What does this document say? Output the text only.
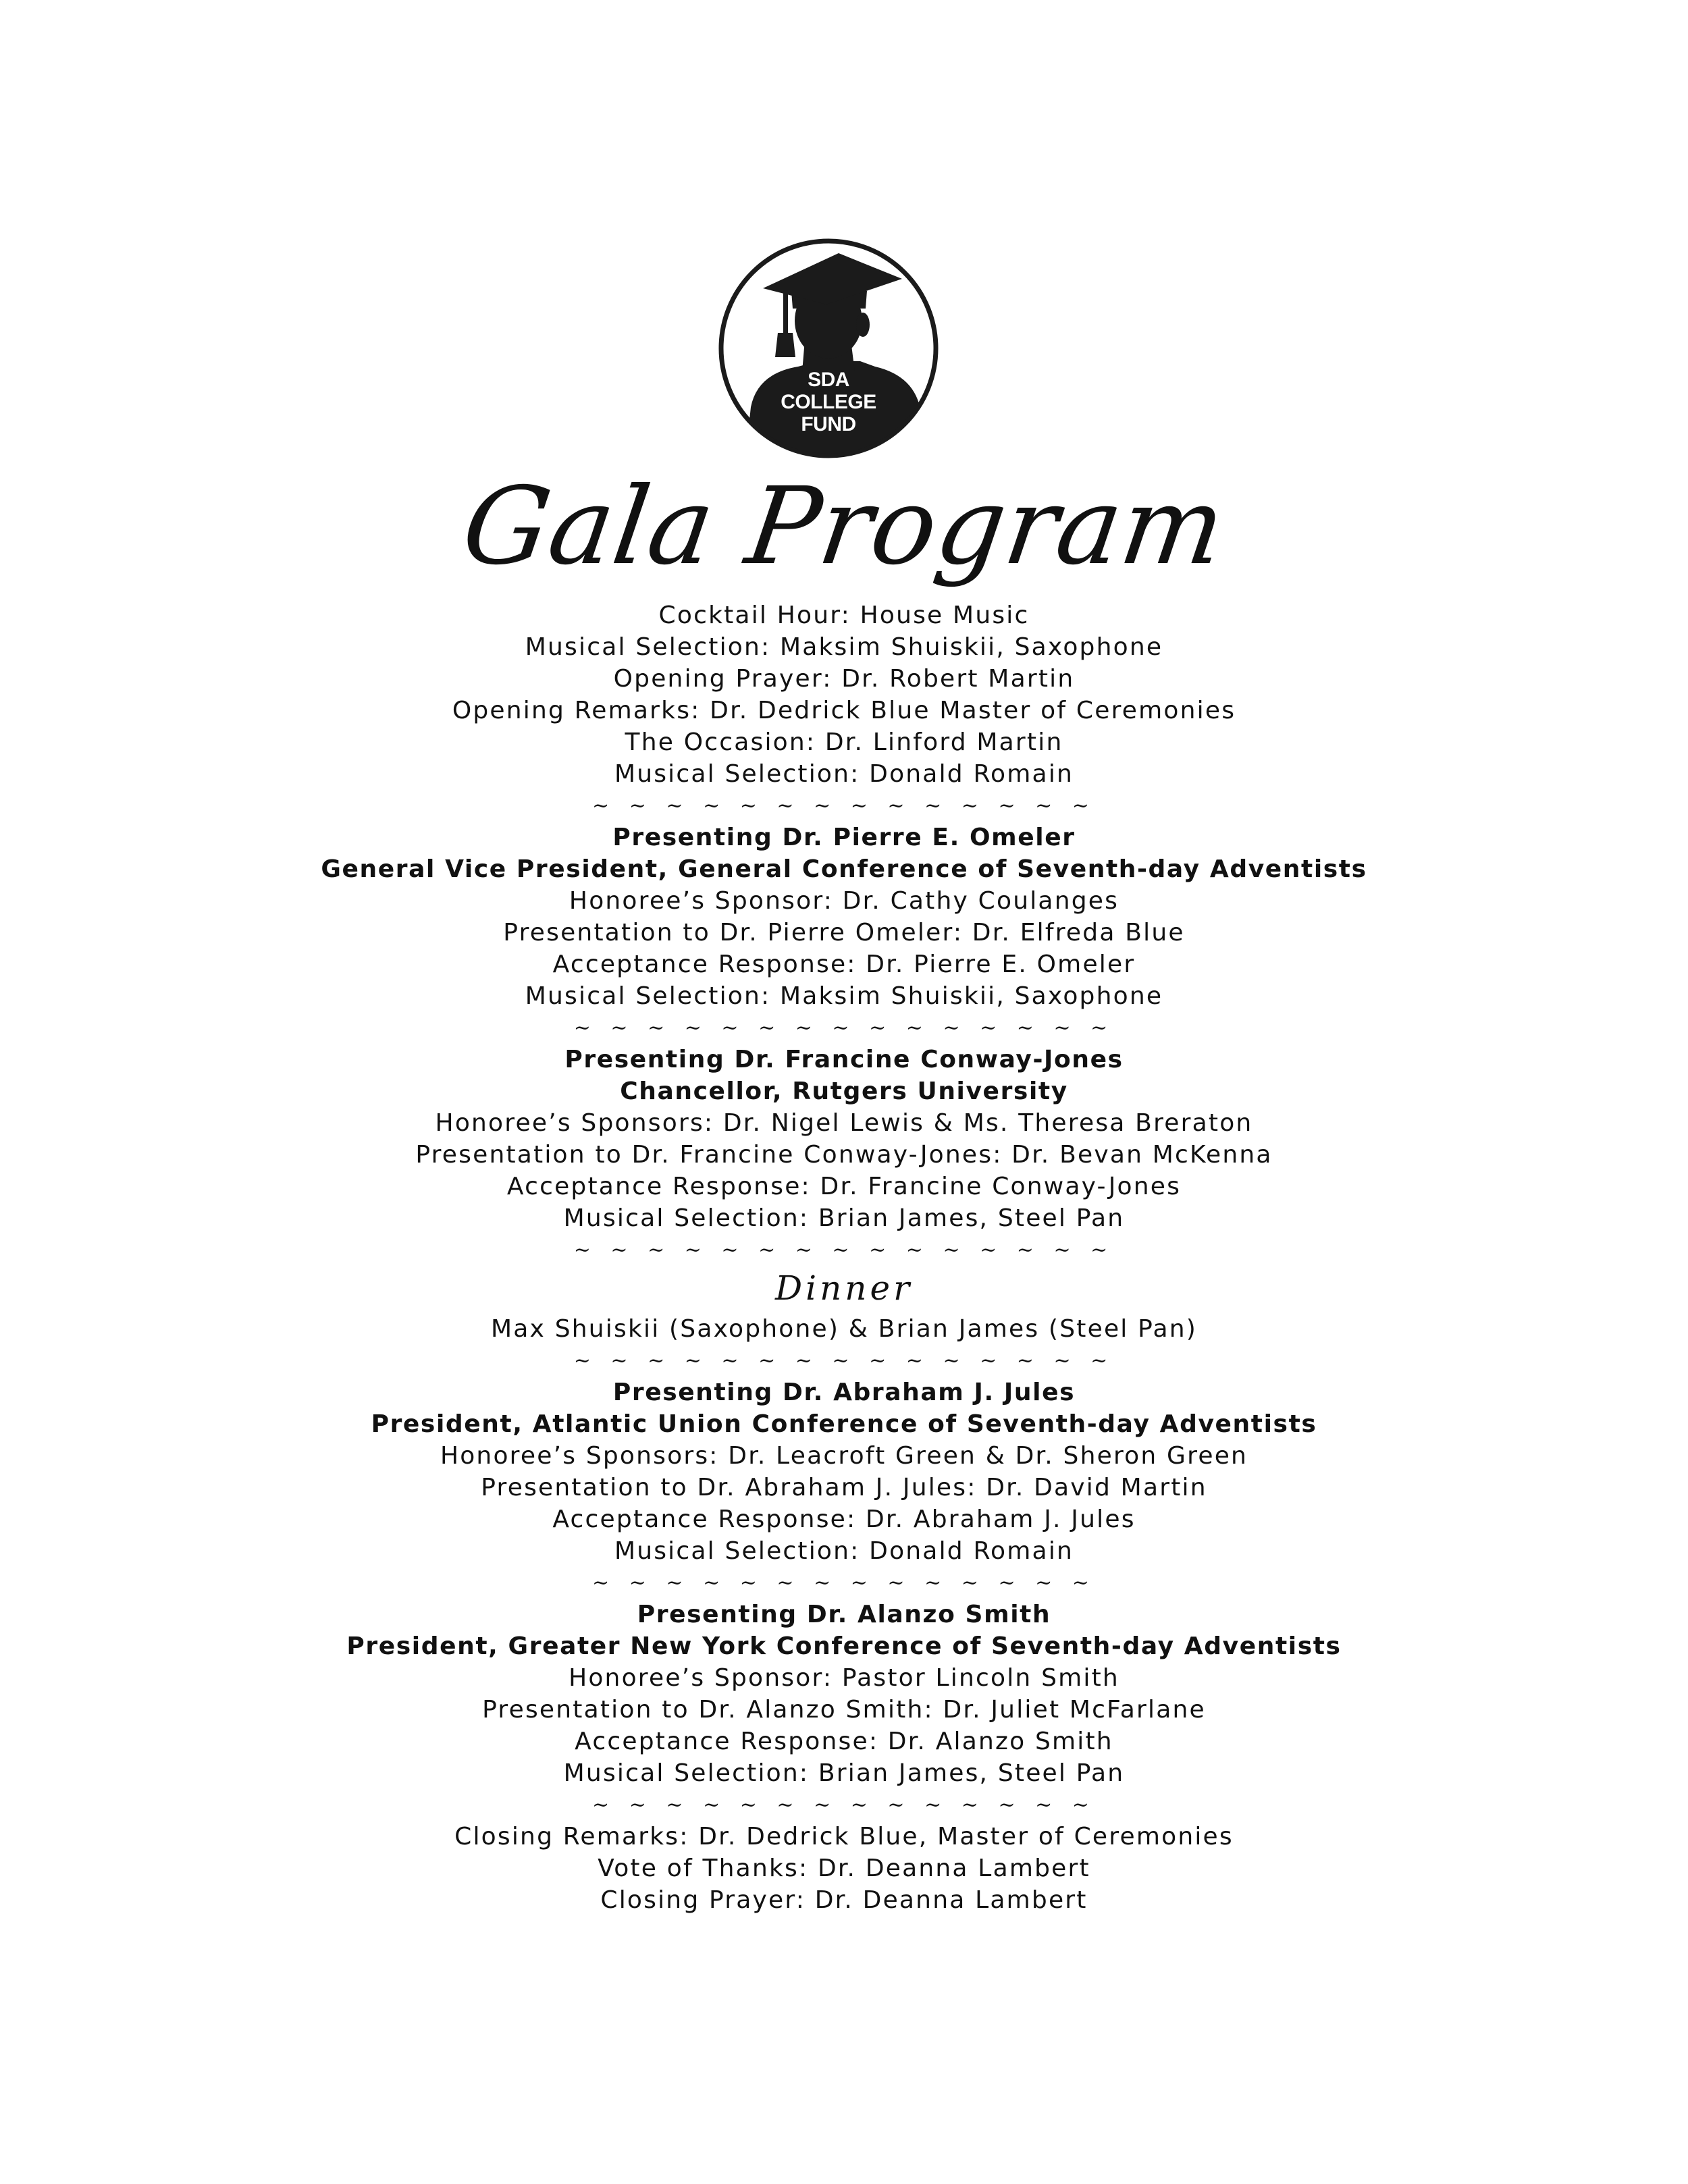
SDA
COLLEGE
FUND
Gala Program
Cocktail Hour: House Music
Musical Selection: Maksim Shuiskii, Saxophone
Opening Prayer: Dr. Robert Martin
Opening Remarks: Dr. Dedrick Blue Master of Ceremonies
The Occasion: Dr. Linford Martin
Musical Selection: Donald Romain
~ ~ ~ ~ ~ ~ ~ ~ ~ ~ ~ ~ ~ ~
Presenting Dr. Pierre E. Omeler
General Vice President, General Conference of Seventh-day Adventists
Honoree’s Sponsor: Dr. Cathy Coulanges
Presentation to Dr. Pierre Omeler: Dr. Elfreda Blue
Acceptance Response: Dr. Pierre E. Omeler
Musical Selection: Maksim Shuiskii, Saxophone
~ ~ ~ ~ ~ ~ ~ ~ ~ ~ ~ ~ ~ ~ ~
Presenting Dr. Francine Conway-Jones
Chancellor, Rutgers University
Honoree’s Sponsors: Dr. Nigel Lewis & Ms. Theresa Breraton
Presentation to Dr. Francine Conway-Jones: Dr. Bevan McKenna
Acceptance Response: Dr. Francine Conway-Jones
Musical Selection: Brian James, Steel Pan
~ ~ ~ ~ ~ ~ ~ ~ ~ ~ ~ ~ ~ ~ ~
Dinner
Max Shuiskii (Saxophone) & Brian James (Steel Pan)
~ ~ ~ ~ ~ ~ ~ ~ ~ ~ ~ ~ ~ ~ ~
Presenting Dr. Abraham J. Jules
President, Atlantic Union Conference of Seventh-day Adventists
Honoree’s Sponsors: Dr. Leacroft Green & Dr. Sheron Green
Presentation to Dr. Abraham J. Jules: Dr. David Martin
Acceptance Response: Dr. Abraham J. Jules
Musical Selection: Donald Romain
~ ~ ~ ~ ~ ~ ~ ~ ~ ~ ~ ~ ~ ~
Presenting Dr. Alanzo Smith
President, Greater New York Conference of Seventh-day Adventists
Honoree’s Sponsor: Pastor Lincoln Smith
Presentation to Dr. Alanzo Smith: Dr. Juliet McFarlane
Acceptance Response: Dr. Alanzo Smith
Musical Selection: Brian James, Steel Pan
~ ~ ~ ~ ~ ~ ~ ~ ~ ~ ~ ~ ~ ~
Closing Remarks: Dr. Dedrick Blue, Master of Ceremonies
Vote of Thanks: Dr. Deanna Lambert
Closing Prayer: Dr. Deanna Lambert
